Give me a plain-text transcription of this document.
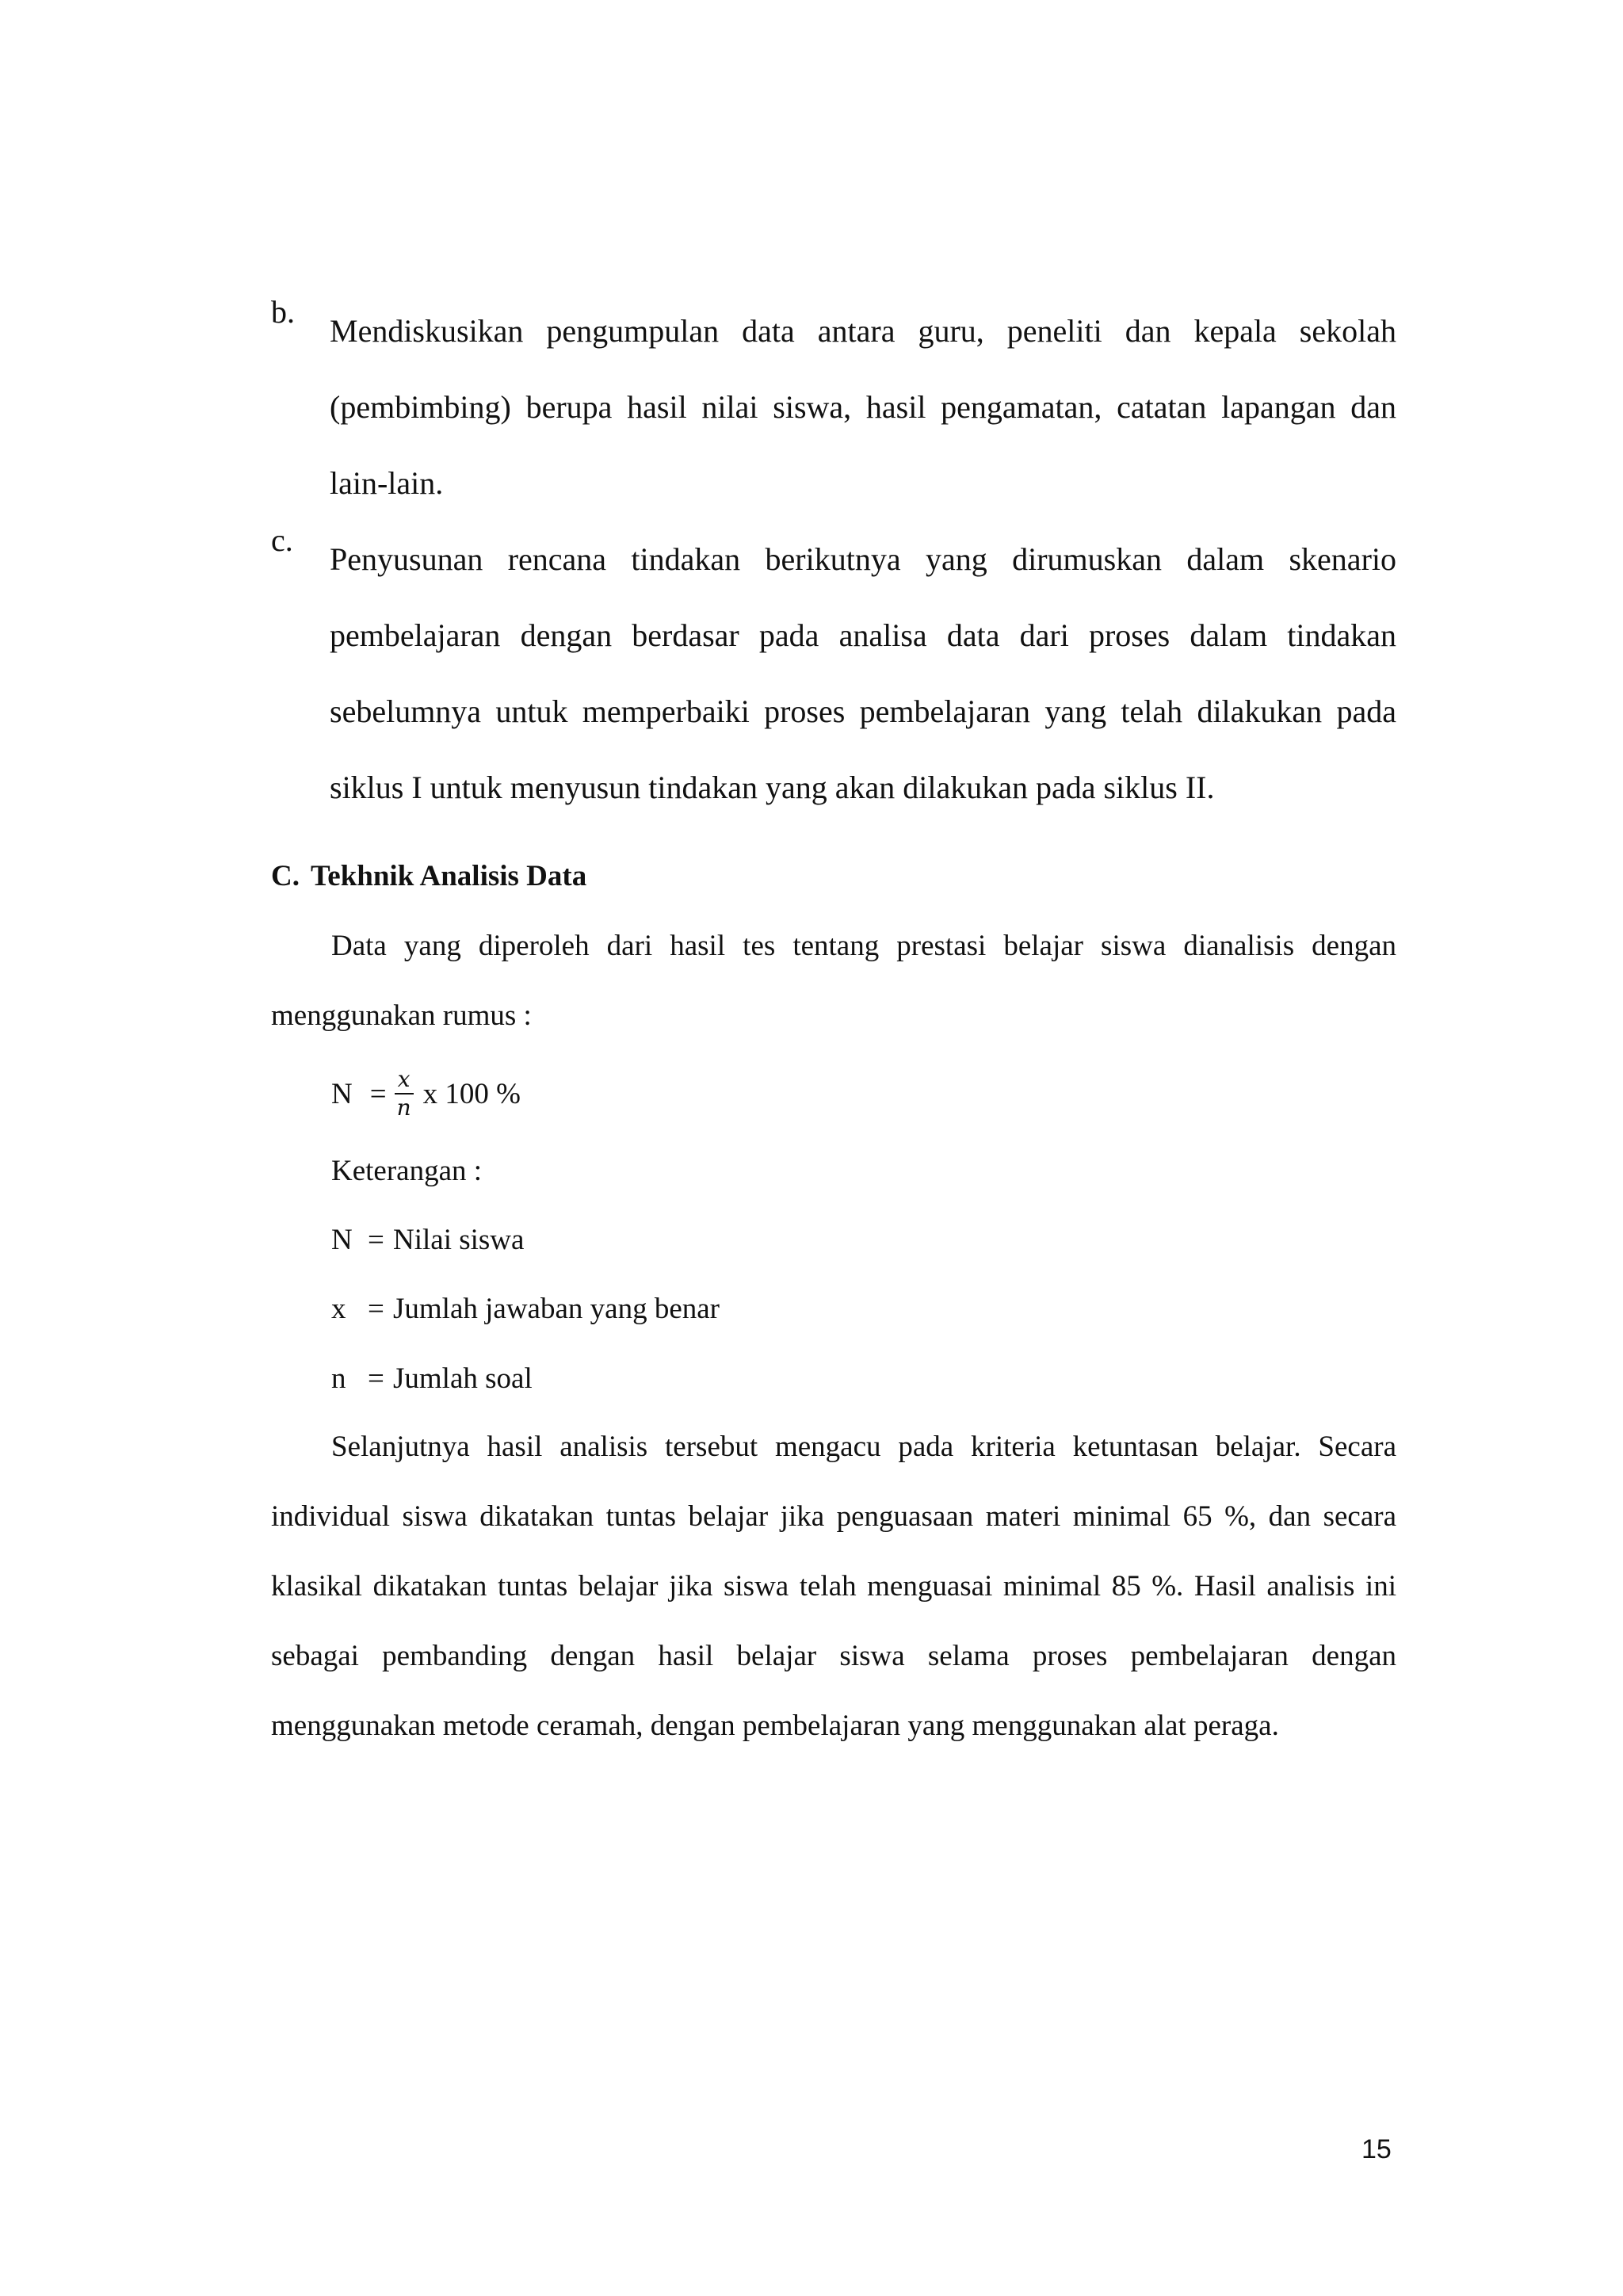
b.
Mendiskusikan pengumpulan data antara guru, peneliti dan kepala sekolah (pembimbing) berupa hasil nilai siswa, hasil pengamatan, catatan lapangan dan lain-lain.
c.
Penyusunan rencana tindakan berikutnya yang dirumuskan dalam skenario pembelajaran dengan berdasar pada analisa data dari proses dalam tindakan sebelumnya untuk memperbaiki proses pembelajaran yang telah dilakukan pada siklus I untuk menyusun tindakan yang akan dilakukan pada siklus II.
C. Tekhnik Analisis Data

Data yang diperoleh dari hasil tes tentang prestasi belajar siswa dianalisis dengan menggunakan rumus :

$N = \frac{x}{n}$ x 100 %
Keterangan :
N = Nilai siswa
x = Jumlah jawaban yang benar
n = Jumlah soal

Selanjutnya hasil analisis tersebut mengacu pada kriteria ketuntasan belajar. Secara individual siswa dikatakan tuntas belajar jika penguasaan materi minimal 65 %, dan secara klasikal dikatakan tuntas belajar jika siswa telah menguasai minimal 85 %. Hasil analisis ini sebagai pembanding dengan hasil belajar siswa selama proses pembelajaran dengan menggunakan metode ceramah, dengan pembelajaran yang menggunakan alat peraga.

15
